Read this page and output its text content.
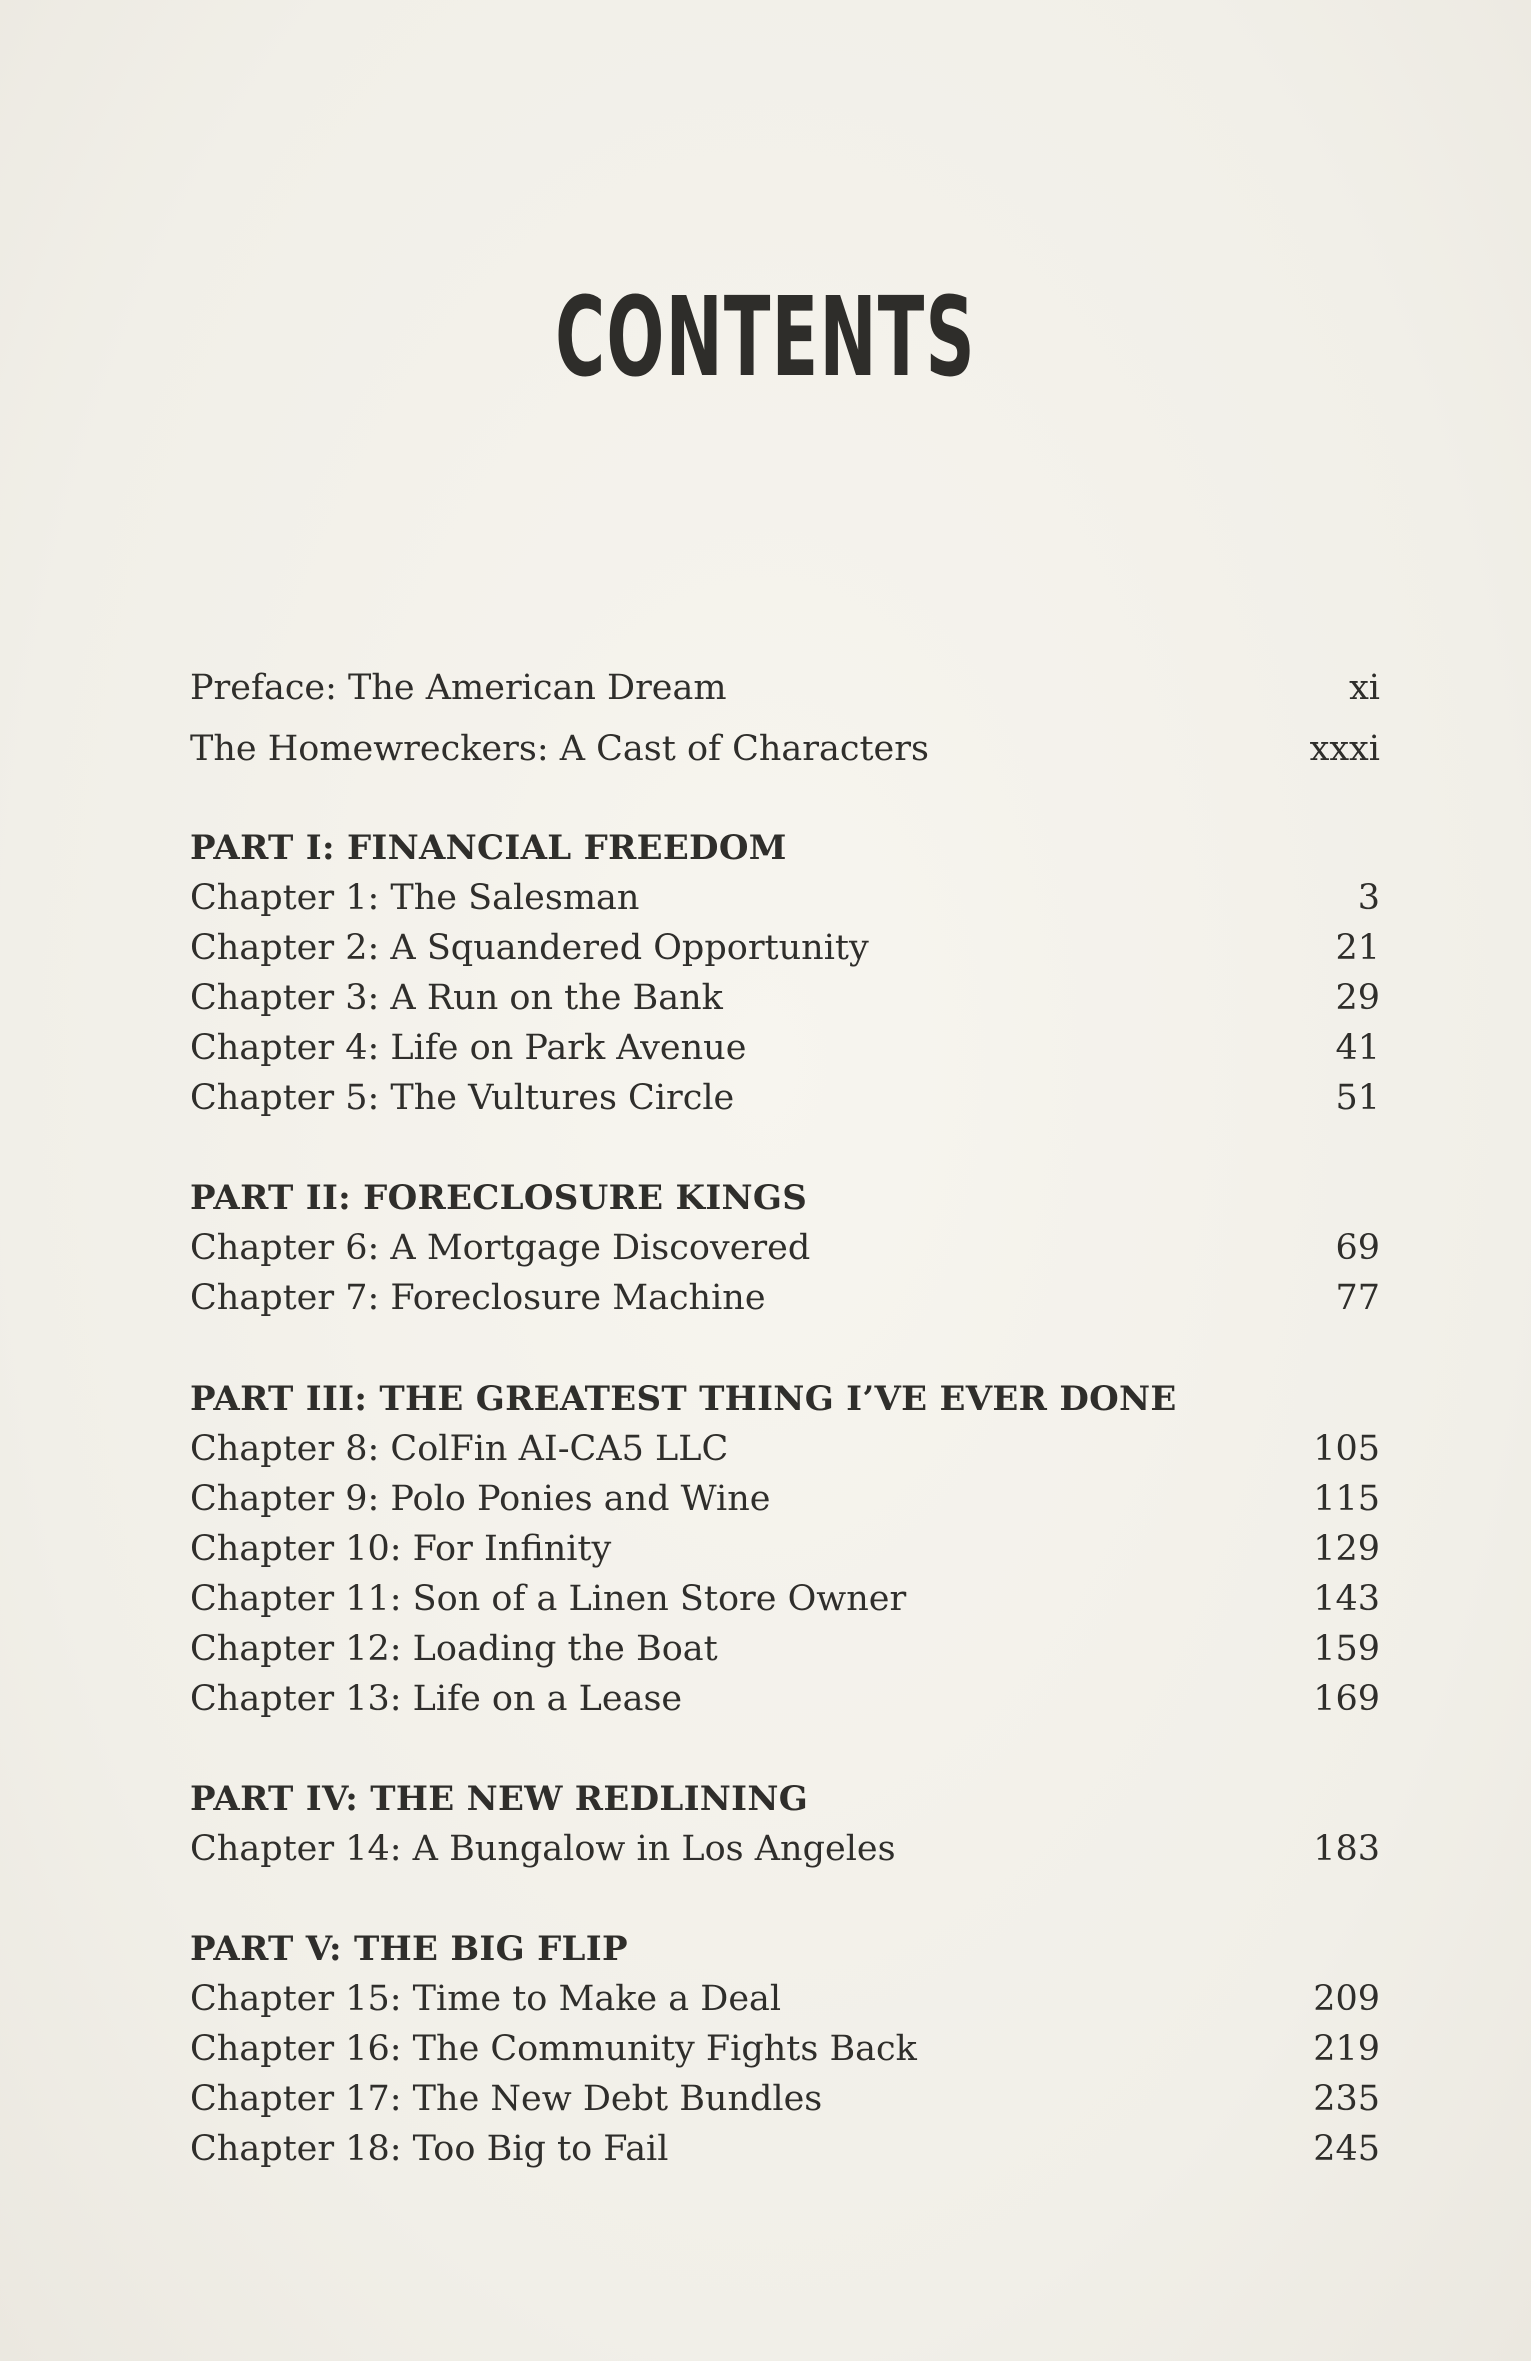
CONTENTS
Preface: The American Dream	xi
The Homewreckers: A Cast of Characters	xxxi
PART I: FINANCIAL FREEDOM
Chapter 1: The Salesman	3
Chapter 2: A Squandered Opportunity	21
Chapter 3: A Run on the Bank	29
Chapter 4: Life on Park Avenue	41
Chapter 5: The Vultures Circle	51
PART II: FORECLOSURE KINGS
Chapter 6: A Mortgage Discovered	69
Chapter 7: Foreclosure Machine	77
PART III: THE GREATEST THING I’VE EVER DONE
Chapter 8: ColFin AI-CA5 LLC	105
Chapter 9: Polo Ponies and Wine	115
Chapter 10: For Infinity	129
Chapter 11: Son of a Linen Store Owner	143
Chapter 12: Loading the Boat	159
Chapter 13: Life on a Lease	169
PART IV: THE NEW REDLINING
Chapter 14: A Bungalow in Los Angeles	183
PART V: THE BIG FLIP
Chapter 15: Time to Make a Deal	209
Chapter 16: The Community Fights Back	219
Chapter 17: The New Debt Bundles	235
Chapter 18: Too Big to Fail	245
